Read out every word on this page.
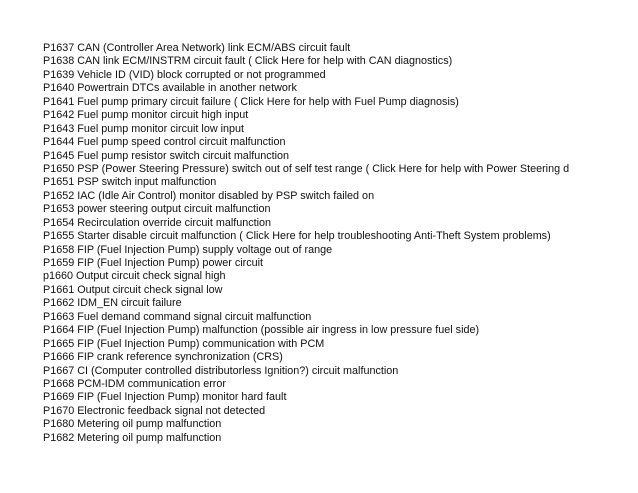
P1637 CAN (Controller Area Network) link ECM/ABS circuit fault
P1638 CAN link ECM/INSTRM circuit fault ( Click Here for help with CAN diagnostics)
P1639 Vehicle ID (VID) block corrupted or not programmed
P1640 Powertrain DTCs available in another network
P1641 Fuel pump primary circuit failure ( Click Here for help with Fuel Pump diagnosis)
P1642 Fuel pump monitor circuit high input
P1643 Fuel pump monitor circuit low input
P1644 Fuel pump speed control circuit malfunction
P1645 Fuel pump resistor switch circuit malfunction
P1650 PSP (Power Steering Pressure) switch out of self test range ( Click Here for help with Power Steering d
P1651 PSP switch input malfunction
P1652 IAC (Idle Air Control) monitor disabled by PSP switch failed on
P1653 power steering output circuit malfunction
P1654 Recirculation override circuit malfunction
P1655 Starter disable circuit malfunction ( Click Here for help troubleshooting Anti-Theft System problems)
P1658 FIP (Fuel Injection Pump) supply voltage out of range
P1659 FIP (Fuel Injection Pump) power circuit
p1660 Output circuit check signal high
P1661 Output circuit check signal low
P1662 IDM_EN circuit failure
P1663 Fuel demand command signal circuit malfunction
P1664 FIP (Fuel Injection Pump) malfunction (possible air ingress in low pressure fuel side)
P1665 FIP (Fuel Injection Pump) communication with PCM
P1666 FIP crank reference synchronization (CRS)
P1667 CI (Computer controlled distributorless Ignition?) circuit malfunction
P1668 PCM-IDM communication error
P1669 FIP (Fuel Injection Pump) monitor hard fault
P1670 Electronic feedback signal not detected
P1680 Metering oil pump malfunction
P1682 Metering oil pump malfunction
